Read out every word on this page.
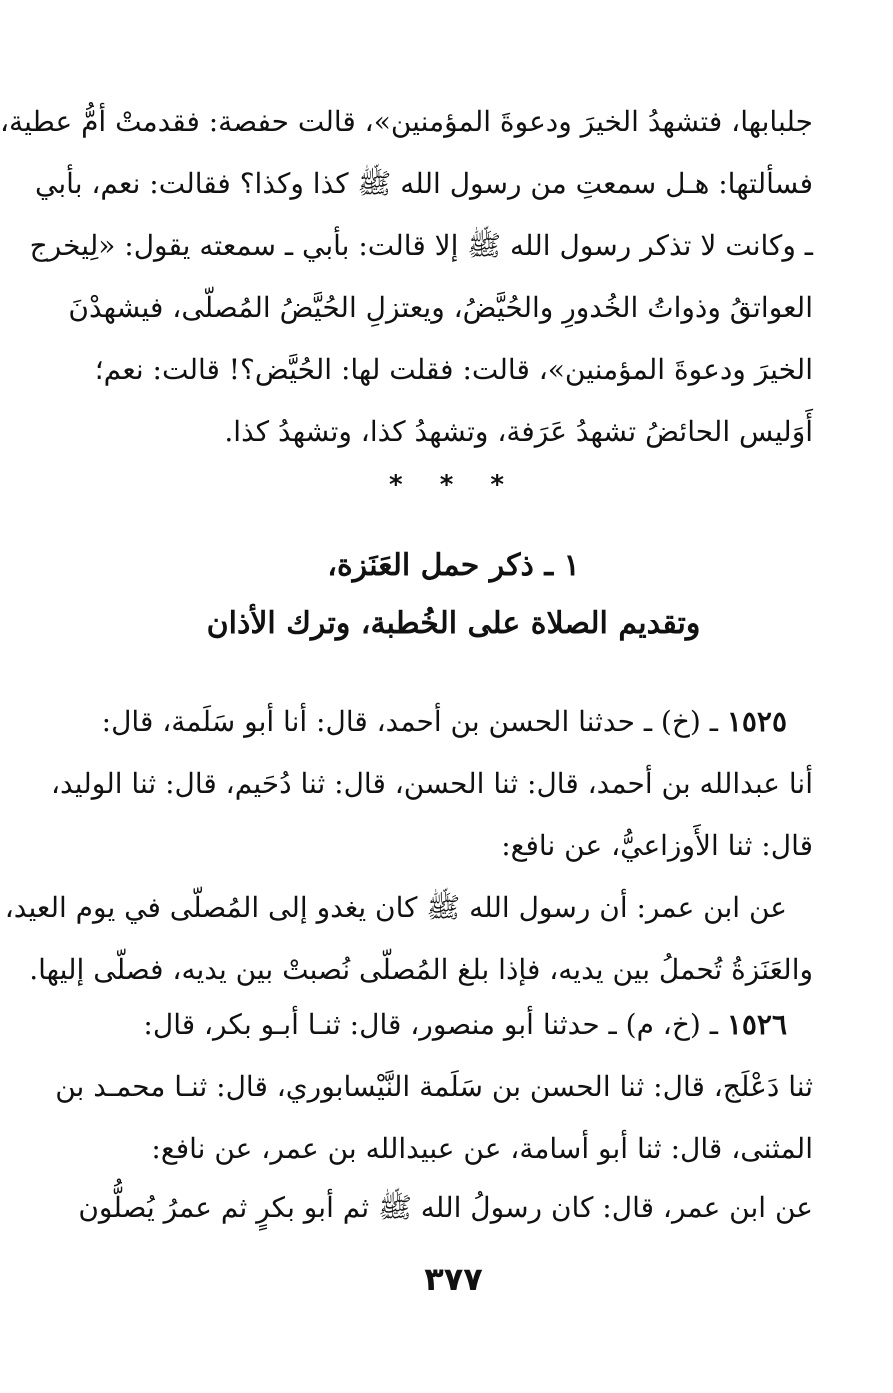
جلبابها، فتشهدُ الخيرَ ودعوةَ المؤمنين»، قالت حفصة: فقدمتْ أمُّ عطية،
فسألتها: هـل سمعتِ من رسول الله ﷺ كذا وكذا؟ فقالت: نعم، بأبي
ـ وكانت لا تذكر رسول الله ﷺ إلا قالت: بأبي ـ سمعته يقول: «لِيخرج
العواتقُ وذواتُ الخُدورِ والحُيَّضُ، ويعتزلِ الحُيَّضُ المُصلّى، فيشهدْنَ
الخيرَ ودعوةَ المؤمنين»، قالت: فقلت لها: الحُيَّض؟! قالت: نعم؛
أَوَليس الحائضُ تشهدُ عَرَفة، وتشهدُ كذا، وتشهدُ كذا.
* * *
١ ـ ذكر حمل العَنَزة،
وتقديم الصلاة على الخُطبة، وترك الأذان
١٥٢٥ ـ (خ) ـ حدثنا الحسن بن أحمد، قال: أنا أبو سَلَمة، قال:
أنا عبدالله بن أحمد، قال: ثنا الحسن، قال: ثنا دُحَيم، قال: ثنا الوليد،
قال: ثنا الأَوزاعيُّ، عن نافع:
عن ابن عمر: أن رسول الله ﷺ كان يغدو إلى المُصلّى في يوم العيد،
والعَنَزةُ تُحملُ بين يديه، فإذا بلغ المُصلّى نُصبتْ بين يديه، فصلّى إليها.
١٥٢٦ ـ (خ، م) ـ حدثنا أبو منصور، قال: ثنـا أبـو بكر، قال:
ثنا دَعْلَج، قال: ثنا الحسن بن سَلَمة النَّيْسابوري، قال: ثنـا محمـد بن
المثنى، قال: ثنا أبو أسامة، عن عبيدالله بن عمر، عن نافع:
عن ابن عمر، قال: كان رسولُ الله ﷺ ثم أبو بكرٍ ثم عمرُ يُصلُّون
٣٧٧
